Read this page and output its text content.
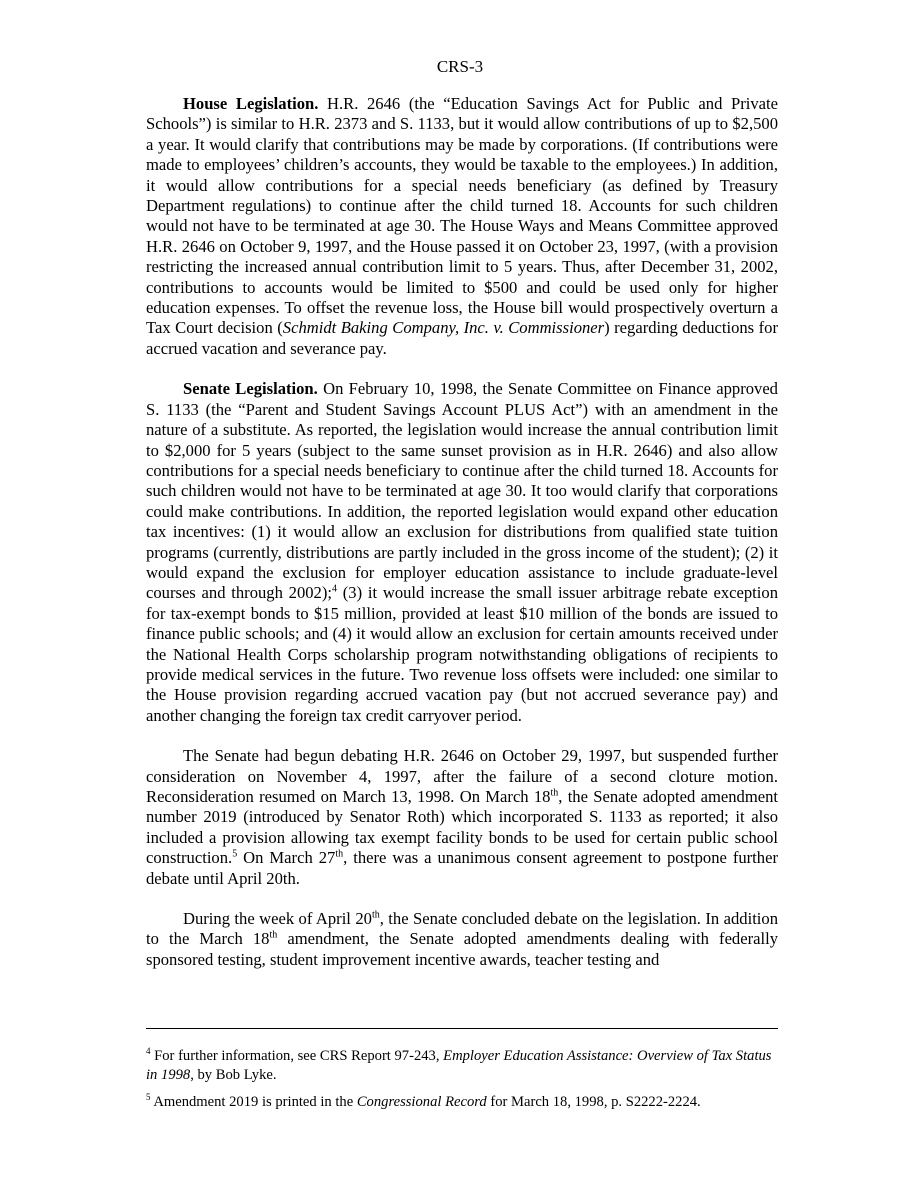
CRS-3

House Legislation. H.R. 2646 (the “Education Savings Act for Public and Private Schools”) is similar to H.R. 2373 and S. 1133, but it would allow contributions of up to $2,500 a year. It would clarify that contributions may be made by corporations. (If contributions were made to employees’ children’s accounts, they would be taxable to the employees.) In addition, it would allow contributions for a special needs beneficiary (as defined by Treasury Department regulations) to continue after the child turned 18. Accounts for such children would not have to be terminated at age 30. The House Ways and Means Committee approved H.R. 2646 on October 9, 1997, and the House passed it on October 23, 1997, (with a provision restricting the increased annual contribution limit to 5 years. Thus, after December 31, 2002, contributions to accounts would be limited to $500 and could be used only for higher education expenses. To offset the revenue loss, the House bill would prospectively overturn a Tax Court decision (Schmidt Baking Company, Inc. v. Commissioner) regarding deductions for accrued vacation and severance pay.

Senate Legislation. On February 10, 1998, the Senate Committee on Finance approved S. 1133 (the “Parent and Student Savings Account PLUS Act”) with an amendment in the nature of a substitute. As reported, the legislation would increase the annual contribution limit to $2,000 for 5 years (subject to the same sunset provision as in H.R. 2646) and also allow contributions for a special needs beneficiary to continue after the child turned 18. Accounts for such children would not have to be terminated at age 30. It too would clarify that corporations could make contributions. In addition, the reported legislation would expand other education tax incentives: (1) it would allow an exclusion for distributions from qualified state tuition programs (currently, distributions are partly included in the gross income of the student); (2) it would expand the exclusion for employer education assistance to include graduate-level courses and through 2002);$^4$ (3) it would increase the small issuer arbitrage rebate exception for tax-exempt bonds to $15 million, provided at least $10 million of the bonds are issued to finance public schools; and (4) it would allow an exclusion for certain amounts received under the National Health Corps scholarship program notwithstanding obligations of recipients to provide medical services in the future. Two revenue loss offsets were included: one similar to the House provision regarding accrued vacation pay (but not accrued severance pay) and another changing the foreign tax credit carryover period.

The Senate had begun debating H.R. 2646 on October 29, 1997, but suspended further consideration on November 4, 1997, after the failure of a second cloture motion. Reconsideration resumed on March 13, 1998. On March 18th, the Senate adopted amendment number 2019 (introduced by Senator Roth) which incorporated S. 1133 as reported; it also included a provision allowing tax exempt facility bonds to be used for certain public school construction.$^5$ On March 27th, there was a unanimous consent agreement to postpone further debate until April 20th.

During the week of April 20th, the Senate concluded debate on the legislation. In addition to the March 18th amendment, the Senate adopted amendments dealing with federally sponsored testing, student improvement incentive awards, teacher testing and

$^4$ For further information, see CRS Report 97-243, Employer Education Assistance: Overview of Tax Status in 1998, by Bob Lyke.

$^5$ Amendment 2019 is printed in the Congressional Record for March 18, 1998, p. S2222-2224.
